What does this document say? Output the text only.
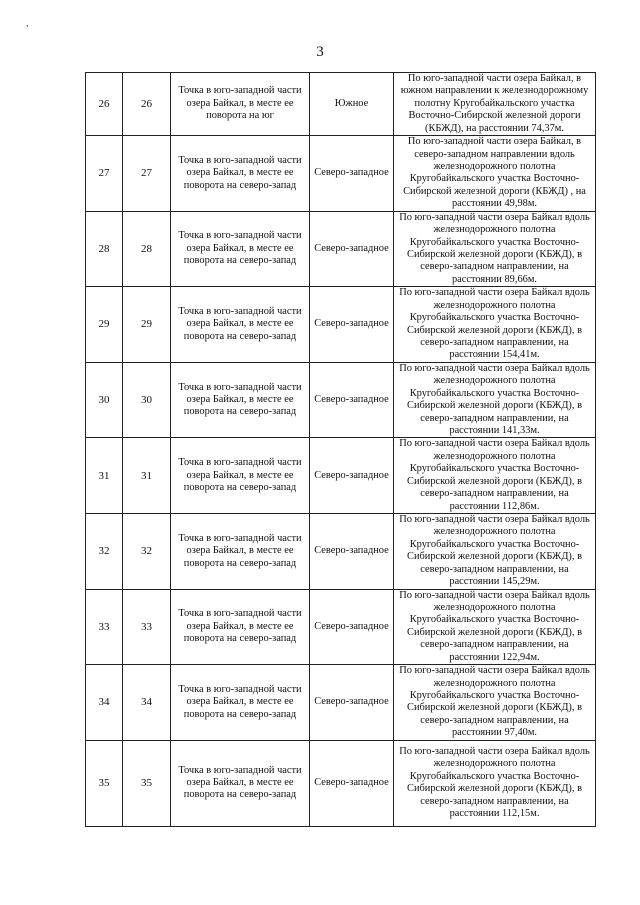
,
3
26	26	Точка в юго-западной части озера Байкал, в месте ее поворота на юг	Южное	По юго-западной части озера Байкал, в южном направлении к железнодорожному полотну Кругобайкальского участка Восточно-Сибирской железной дороги (КБЖД), на расстоянии 74,37м.
27	27	Точка в юго-западной части озера Байкал, в месте ее поворота на северо-запад	Северо-западное	По юго-западной части озера Байкал, в северо-западном направлении вдоль железнодорожного полотна Кругобайкальского участка Восточно-Сибирской железной дороги (КБЖД) , на расстоянии 49,98м.
28	28	Точка в юго-западной части озера Байкал, в месте ее поворота на северо-запад	Северо-западное	По юго-западной части озера Байкал вдоль железнодорожного полотна Кругобайкальского участка Восточно-Сибирской железной дороги (КБЖД), в северо-западном направлении, на расстоянии 89,66м.
29	29	Точка в юго-западной части озера Байкал, в месте ее поворота на северо-запад	Северо-западное	По юго-западной части озера Байкал вдоль железнодорожного полотна Кругобайкальского участка Восточно-Сибирской железной дороги (КБЖД), в северо-западном направлении, на расстоянии 154,41м.
30	30	Точка в юго-западной части озера Байкал, в месте ее поворота на северо-запад	Северо-западное	По юго-западной части озера Байкал вдоль железнодорожного полотна Кругобайкальского участка Восточно-Сибирской железной дороги (КБЖД), в северо-западном направлении, на расстоянии 141,33м.
31	31	Точка в юго-западной части озера Байкал, в месте ее поворота на северо-запад	Северо-западное	По юго-западной части озера Байкал вдоль железнодорожного полотна Кругобайкальского участка Восточно-Сибирской железной дороги (КБЖД), в северо-западном направлении, на расстоянии 112,86м.
32	32	Точка в юго-западной части озера Байкал, в месте ее поворота на северо-запад	Северо-западное	По юго-западной части озера Байкал вдоль железнодорожного полотна Кругобайкальского участка Восточно-Сибирской железной дороги (КБЖД), в северо-западном направлении, на расстоянии 145,29м.
33	33	Точка в юго-западной части озера Байкал, в месте ее поворота на северо-запад	Северо-западное	По юго-западной части озера Байкал вдоль железнодорожного полотна Кругобайкальского участка Восточно-Сибирской железной дороги (КБЖД), в северо-западном направлении, на расстоянии 122,94м.
34	34	Точка в юго-западной части озера Байкал, в месте ее поворота на северо-запад	Северо-западное	По юго-западной части озера Байкал вдоль железнодорожного полотна Кругобайкальского участка Восточно-Сибирской железной дороги (КБЖД), в северо-западном направлении, на расстоянии 97,40м.
35	35	Точка в юго-западной части озера Байкал, в месте ее поворота на северо-запад	Северо-западное	По юго-западной части озера Байкал вдоль железнодорожного полотна Кругобайкальского участка Восточно-Сибирской железной дороги (КБЖД), в северо-западном направлении, на расстоянии 112,15м.
